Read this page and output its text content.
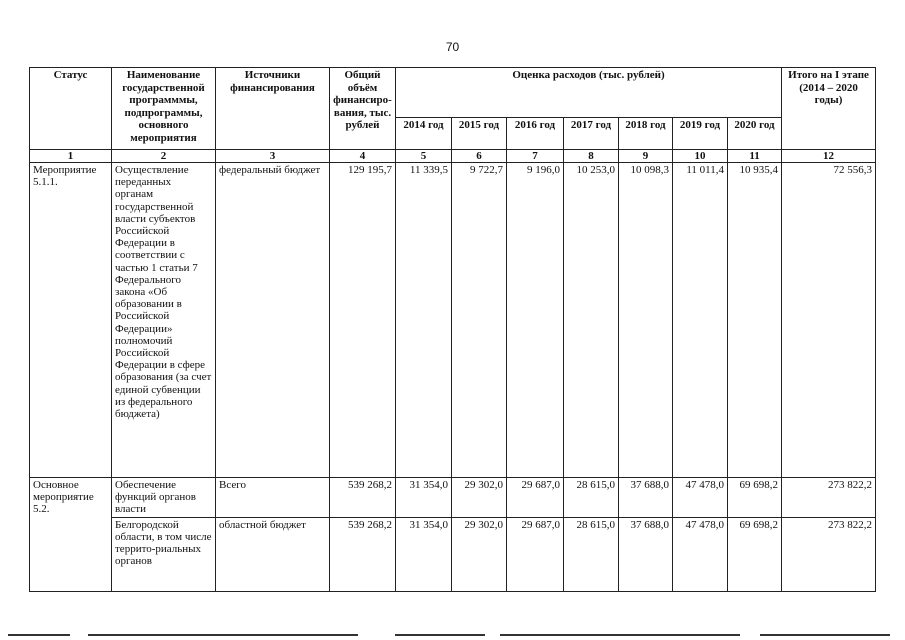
70
Статус	Наименование государственной программмы, подпрограммы, основного мероприятия	Источники финансирования	Общий объём финансиро-вания, тыс. рублей	Оценка расходов (тыс. рублей)							Итого на I этапе (2014 – 2020 годы)
				2014 год	2015 год	2016 год	2017 год	2018 год	2019 год	2020 год	
1	2	3	4	5	6	7	8	9	10	11	12
Мероприятие 5.1.1.	Осуществление переданных органам государственной власти субъектов Российской Федерации в соответствии с частью 1 статьи 7 Федерального закона «Об образовании в Российской Федерации» полномочий Российской Федерации в сфере образования (за счет единой субвенции из федерального бюджета)	федеральный бюджет	129 195,7	11 339,5	9 722,7	9 196,0	10 253,0	10 098,3	11 011,4	10 935,4	72 556,3
Основное мероприятие 5.2.	Обеспечение функций органов власти	Всего	539 268,2	31 354,0	29 302,0	29 687,0	28 615,0	37 688,0	47 478,0	69 698,2	273 822,2
	Белгородской области, в том числе террито-риальных органов	областной бюджет	539 268,2	31 354,0	29 302,0	29 687,0	28 615,0	37 688,0	47 478,0	69 698,2	273 822,2
